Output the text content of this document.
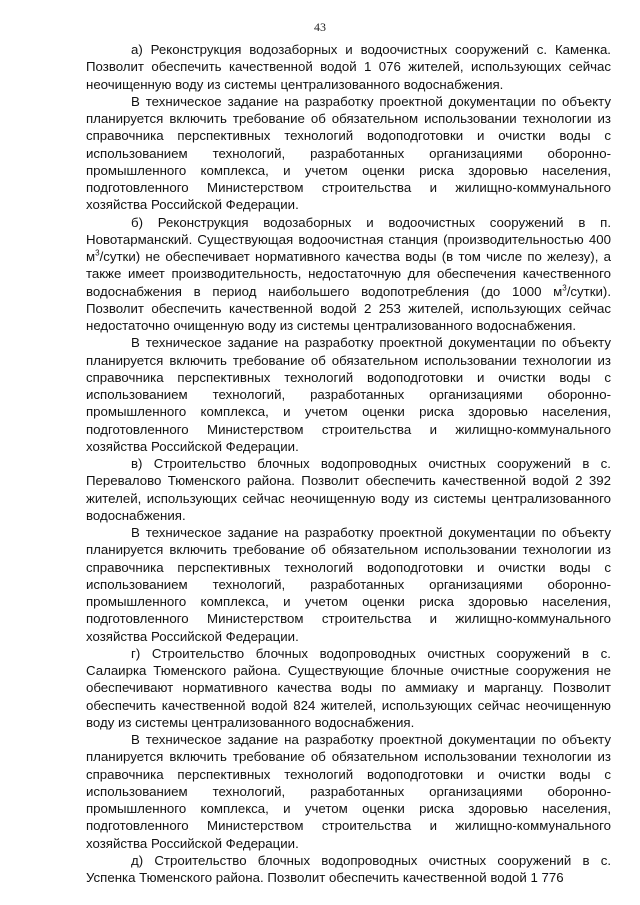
43

а) Реконструкция водозаборных и водоочистных сооружений с. Каменка. Позволит обеспечить качественной водой 1 076 жителей, использующих сейчас неочищенную воду из системы централизованного водоснабжения.

В техническое задание на разработку проектной документации по объекту планируется включить требование об обязательном использовании технологии из справочника перспективных технологий водоподготовки и очистки воды с использованием технологий, разработанных организациями оборонно-промышленного комплекса, и учетом оценки риска здоровью населения, подготовленного Министерством строительства и жилищно-коммунального хозяйства Российской Федерации.

б) Реконструкция водозаборных и водоочистных сооружений в п. Новотарманский. Существующая водоочистная станция (производительностью 400 $м^3/сутки$) не обеспечивает нормативного качества воды (в том числе по железу), а также имеет производительность, недостаточную для обеспечения качественного водоснабжения в период наибольшего водопотребления (до 1000 $м^3/сутки$). Позволит обеспечить качественной водой 2 253 жителей, использующих сейчас недостаточно очищенную воду из системы централизованного водоснабжения.

В техническое задание на разработку проектной документации по объекту планируется включить требование об обязательном использовании технологии из справочника перспективных технологий водоподготовки и очистки воды с использованием технологий, разработанных организациями оборонно-промышленного комплекса, и учетом оценки риска здоровью населения, подготовленного Министерством строительства и жилищно-коммунального хозяйства Российской Федерации.

в) Строительство блочных водопроводных очистных сооружений в с. Перевалово Тюменского района. Позволит обеспечить качественной водой 2 392 жителей, использующих сейчас неочищенную воду из системы централизованного водоснабжения.

В техническое задание на разработку проектной документации по объекту планируется включить требование об обязательном использовании технологии из справочника перспективных технологий водоподготовки и очистки воды с использованием технологий, разработанных организациями оборонно-промышленного комплекса, и учетом оценки риска здоровью населения, подготовленного Министерством строительства и жилищно-коммунального хозяйства Российской Федерации.

г) Строительство блочных водопроводных очистных сооружений в с. Салаирка Тюменского района. Существующие блочные очистные сооружения не обеспечивают нормативного качества воды по аммиаку и марганцу. Позволит обеспечить качественной водой 824 жителей, использующих сейчас неочищенную воду из системы централизованного водоснабжения.

В техническое задание на разработку проектной документации по объекту планируется включить требование об обязательном использовании технологии из справочника перспективных технологий водоподготовки и очистки воды с использованием технологий, разработанных организациями оборонно-промышленного комплекса, и учетом оценки риска здоровью населения, подготовленного Министерством строительства и жилищно-коммунального хозяйства Российской Федерации.

д) Строительство блочных водопроводных очистных сооружений в с. Успенка Тюменского района. Позволит обеспечить качественной водой 1 776
